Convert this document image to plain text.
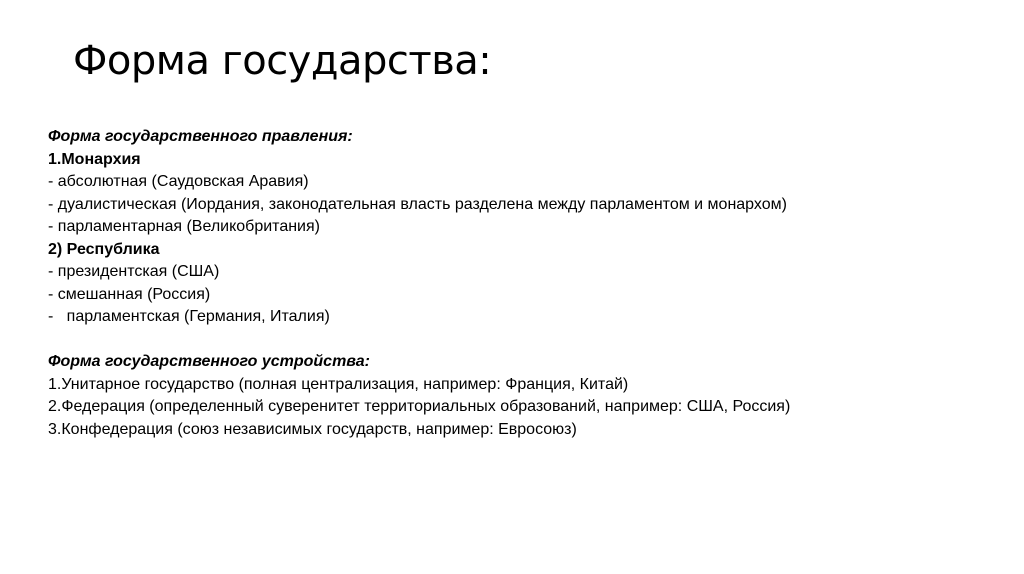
Форма государства:
Форма государственного правления:
1.Монархия
- абсолютная (Саудовская Аравия)
- дуалистическая (Иордания, законодательная власть разделена между парламентом и монархом)
- парламентарная (Великобритания)
2) Республика
- президентская (США)
- смешанная (Россия)
-   парламентская (Германия, Италия)
Форма государственного устройства:
1.Унитарное государство (полная централизация, например: Франция, Китай)
2.Федерация (определенный суверенитет территориальных образований, например: США, Россия)
3.Конфедерация (союз независимых государств, например: Евросоюз)
